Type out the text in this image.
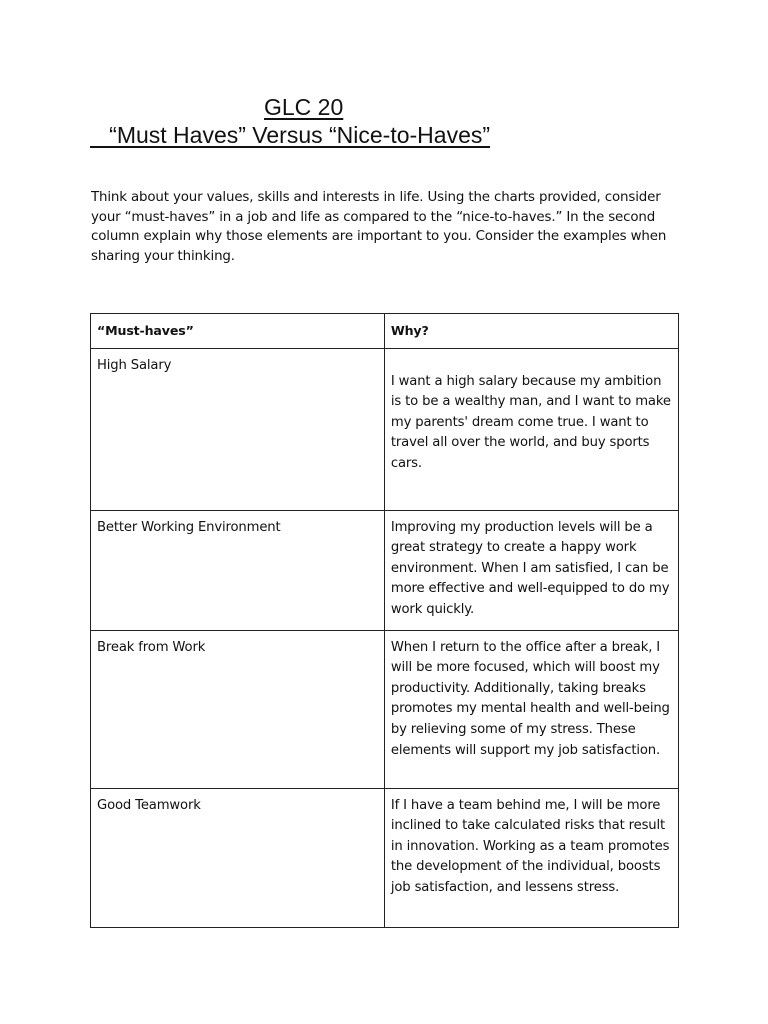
GLC 20
“Must Haves” Versus “Nice-to-Haves”
Think about your values, skills and interests in life. Using the charts provided, consider your “must-haves” in a job and life as compared to the “nice-to-haves.” In the second column explain why those elements are important to you. Consider the examples when sharing your thinking.
“Must-haves”	Why?
High Salary	I want a high salary because my ambition is to be a wealthy man, and I want to make my parents' dream come true. I want to travel all over the world, and buy sports cars.
Better Working Environment	Improving my production levels will be a great strategy to create a happy work environment. When I am satisfied, I can be more effective and well-equipped to do my work quickly.
Break from Work	When I return to the office after a break, I will be more focused, which will boost my productivity. Additionally, taking breaks promotes my mental health and well-being by relieving some of my stress. These elements will support my job satisfaction.
Good Teamwork	If I have a team behind me, I will be more inclined to take calculated risks that result in innovation. Working as a team promotes the development of the individual, boosts job satisfaction, and lessens stress.
